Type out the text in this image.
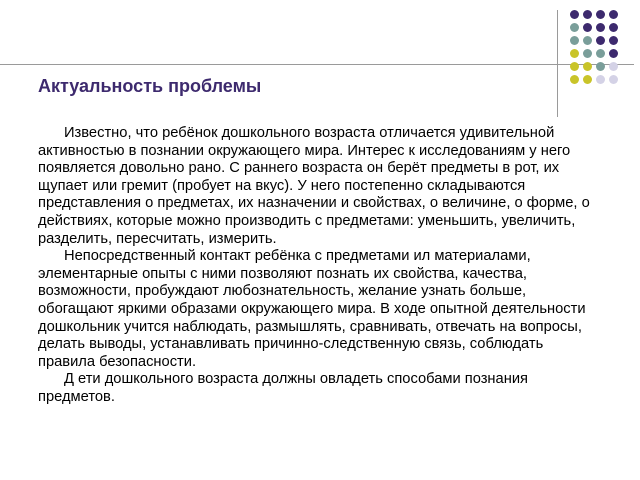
Актуальность проблемы

Известно, что ребёнок дошкольного возраста отличается удивительной активностью в познании окружающего мира. Интерес к исследованиям у него появляется довольно рано. С раннего возраста он берёт предметы в рот, их щупает или гремит (пробует на вкус). У него постепенно складываются представления о предметах, их назначении и свойствах, о величине, о форме, о действиях, которые можно производить с предметами: уменьшить, увеличить, разделить, пересчитать, измерить.

Непосредственный контакт ребёнка с предметами ил материалами, элементарные опыты с ними позволяют познать их свойства, качества, возможности, пробуждают любознательность, желание узнать больше, обогащают яркими образами окружающего мира. В ходе опытной деятельности дошкольник учится наблюдать, размышлять, сравнивать, отвечать на вопросы, делать выводы, устанавливать причинно-следственную связь, соблюдать правила безопасности.

Д ети дошкольного возраста должны овладеть способами познания предметов.
